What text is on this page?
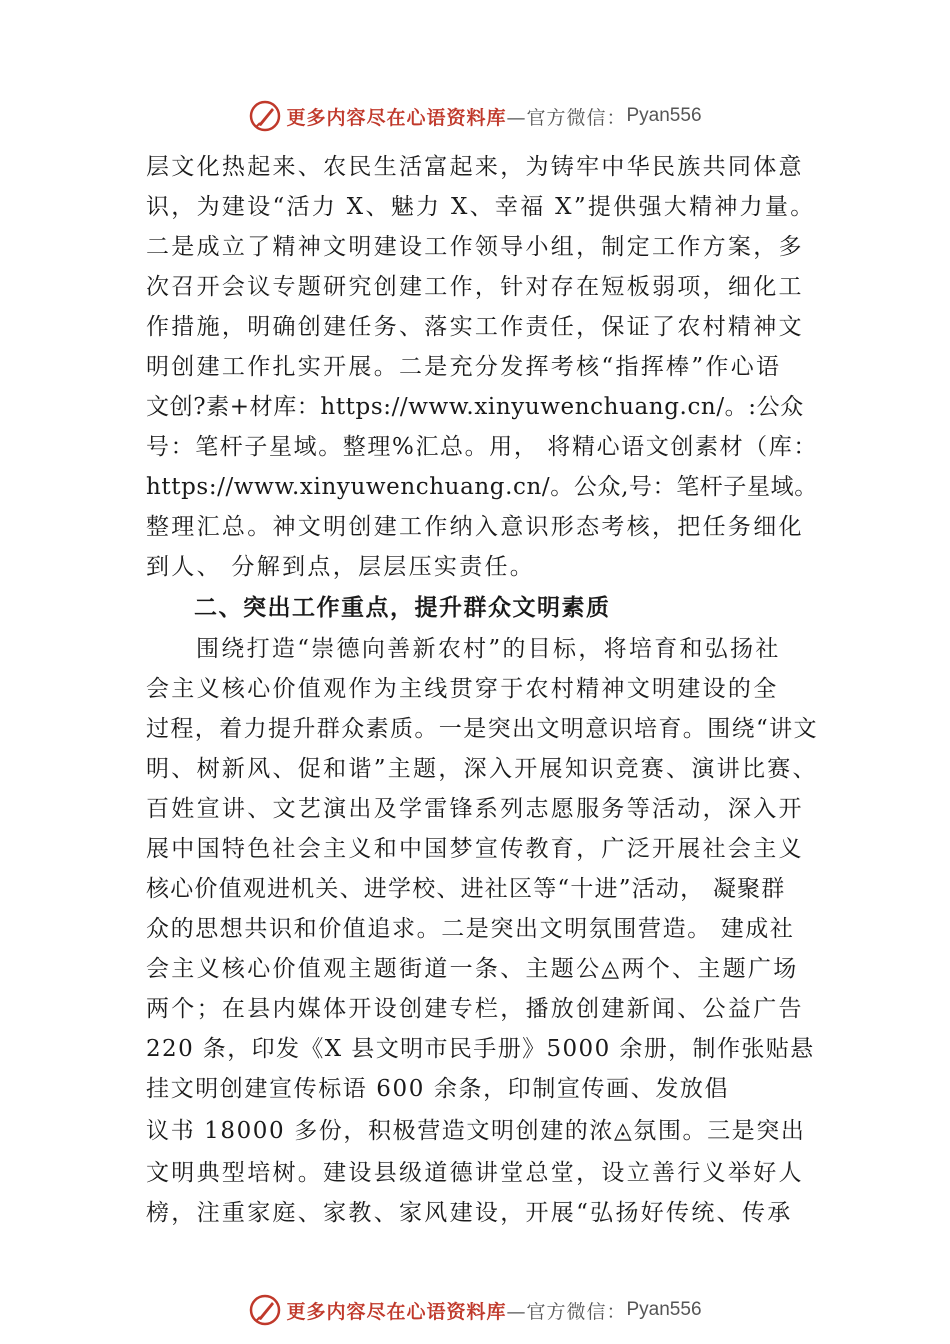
更多内容尽在心语资料库 —官方微信： Pyan556
层文化热起来、农民生活富起来，为铸牢中华民族共同体意
识，为建设“活力 X、魅力 X、幸福 X”提供强大精神力量。
二是成立了精神文明建设工作领导小组，制定工作方案，多
次召开会议专题研究创建工作，针对存在短板弱项，细化工
作措施，明确创建任务、落实工作责任，保证了农村精神文
明创建工作扎实开展。二是充分发挥考核“指挥棒”作心语
文创?素+材库：https://www.xinyuwenchuang.cn/。:公众
号：笔杆子星域。整理%汇总。用， 将精心语文创素材（库：
https://www.xinyuwenchuang.cn/。公众,号：笔杆子星域。
整理汇总。神文明创建工作纳入意识形态考核，把任务细化
到人、 分解到点，层层压实责任。
二、突出工作重点，提升群众文明素质
围绕打造“崇德向善新农村”的目标，将培育和弘扬社
会主义核心价值观作为主线贯穿于农村精神文明建设的全
过程，着力提升群众素质。一是突出文明意识培育。围绕“讲文
明、树新风、促和谐”主题，深入开展知识竞赛、演讲比赛、
百姓宣讲、文艺演出及学雷锋系列志愿服务等活动，深入开
展中国特色社会主义和中国梦宣传教育，广泛开展社会主义
核心价值观进机关、进学校、进社区等“十进”活动， 凝聚群
众的思想共识和价值追求。二是突出文明氛围营造。 建成社
会主义核心价值观主题街道一条、主题公◬两个、主题广场
两个；在县内媒体开设创建专栏，播放创建新闻、公益广告
220 条，印发《X 县文明市民手册》5000 余册，制作张贴悬
挂文明创建宣传标语 600 余条，印制宣传画、发放倡
议书 18000 多份，积极营造文明创建的浓◬氛围。三是突出
文明典型培树。建设县级道德讲堂总堂，设立善行义举好人
榜，注重家庭、家教、家风建设，开展“弘扬好传统、传承
更多内容尽在心语资料库 —官方微信： Pyan556
